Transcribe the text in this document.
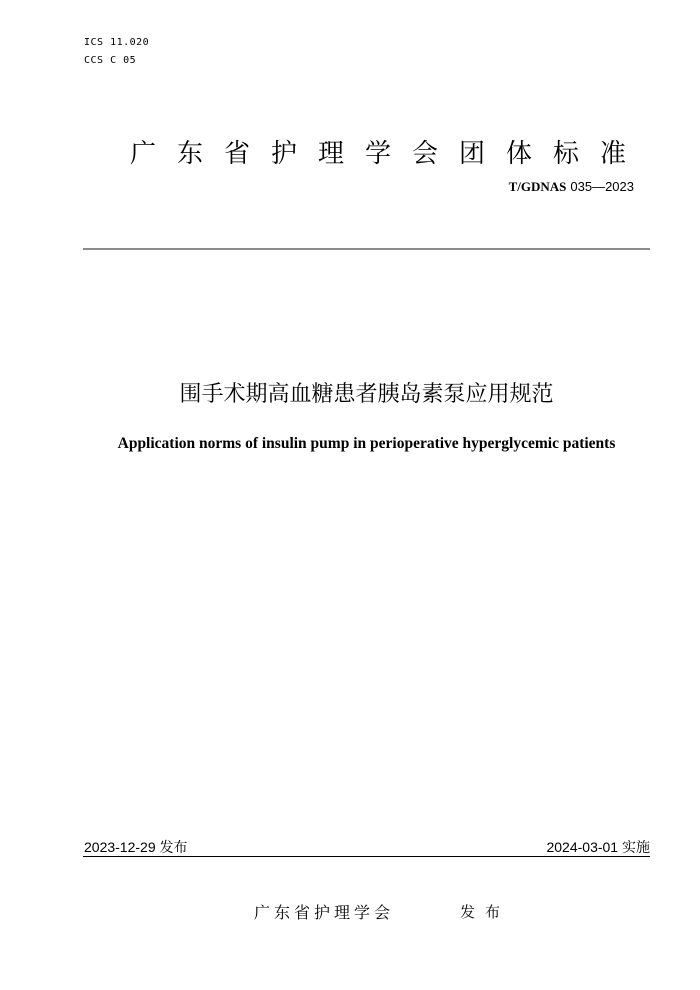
ICS 11.020
CCS C 05
广东省护理学会团体标准
T/GDNAS 035—2023
围手术期高血糖患者胰岛素泵应用规范
Application norms of insulin pump in perioperative hyperglycemic patients
2023-12-29 发布	2024-03-01 实施
广东省护理学会	发布
